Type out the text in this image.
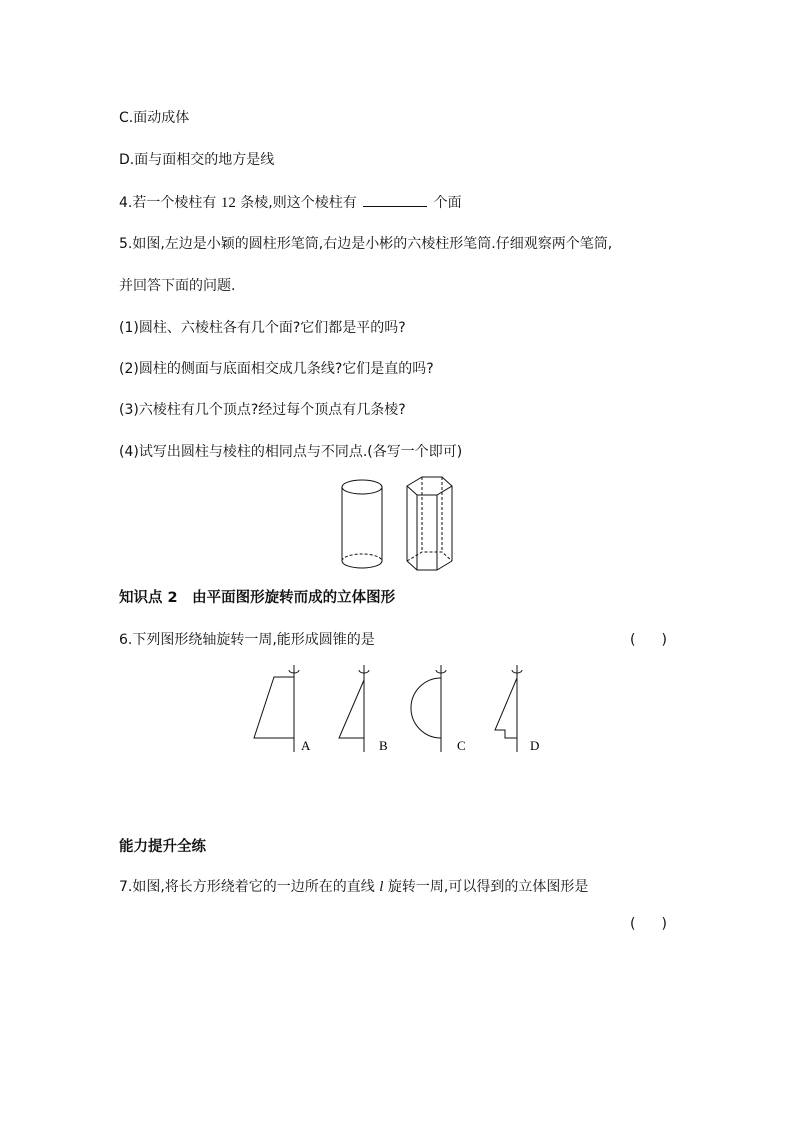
C.面动成体
D.面与面相交的地方是线
4.若一个棱柱有 12 条棱,则这个棱柱有	个面
5.如图,左边是小颖的圆柱形笔筒,右边是小彬的六棱柱形笔筒.仔细观察两个笔筒,
并回答下面的问题.
(1)圆柱、六棱柱各有几个面?它们都是平的吗?
(2)圆柱的侧面与底面相交成几条线?它们是直的吗?
(3)六棱柱有几个顶点?经过每个顶点有几条棱?
(4)试写出圆柱与棱柱的相同点与不同点.(各写一个即可)
知识点 2　由平面图形旋转而成的立体图形
6.下列图形绕轴旋转一周,能形成圆锥的是	( )
A	B	C	D
能力提升全练
7.如图,将长方形绕着它的一边所在的直线 l 旋转一周,可以得到的立体图形是
( )
